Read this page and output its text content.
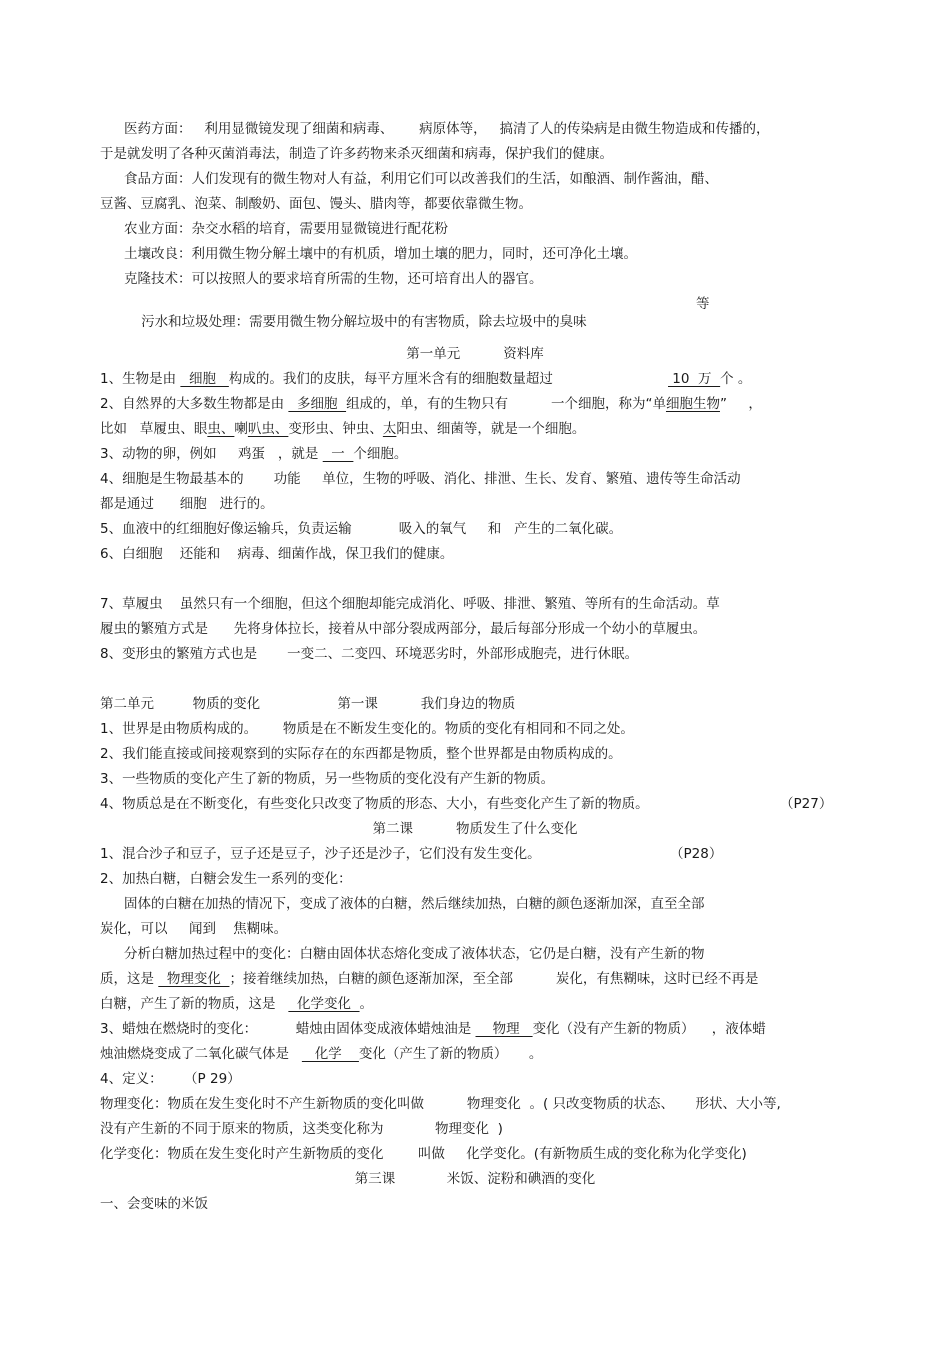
医药方面：   利用显微镜发现了细菌和病毒、      病原体等，   搞清了人的传染病是由微生物造成和传播的，
于是就发明了各种灭菌消毒法，制造了许多药物来杀灭细菌和病毒，保护我们的健康。
食品方面：人们发现有的微生物对人有益，利用它们可以改善我们的生活，如酿酒、制作酱油，醋、
豆酱、豆腐乳、泡菜、制酸奶、面包、馒头、腊肉等，都要依靠微生物。
农业方面：杂交水稻的培育，需要用显微镜进行配花粉
土壤改良：利用微生物分解土壤中的有机质，增加土壤的肥力，同时，还可净化土壤。
克隆技术：可以按照人的要求培育所需的生物，还可培育出人的器官。

污水和垃圾处理：需要用微生物分解垃圾中的有害物质，除去垃圾中的臭味

等
第一单元          资料库
1、生物是由   细胞   构成的。我们的皮肤，每平方厘米含有的细胞数量超过	10  万  个 。
2、自然界的大多数生物都是由   多细胞  组成的，单，有的生物只有          一个细胞，称为“单细胞生物”     ，
比如   草履虫、眼虫、喇叭虫、变形虫、钟虫、太阳虫、细菌等，就是一个细胞。
3、动物的卵，例如     鸡蛋   ，就是   一  个细胞。
4、细胞是生物最基本的       功能     单位，生物的呼吸、消化、排泄、生长、发育、繁殖、遗传等生命活动
都是通过      细胞   进行的。
5、血液中的红细胞好像运输兵，负责运输           吸入的氧气     和   产生的二氧化碳。
6、白细胞    还能和    病毒、细菌作战，保卫我们的健康。
7、草履虫    虽然只有一个细胞，但这个细胞却能完成消化、呼吸、排泄、繁殖、等所有的生命活动。草
履虫的繁殖方式是      先将身体拉长，接着从中部分裂成两部分，最后每部分形成一个幼小的草履虫。
8、变形虫的繁殖方式也是       一变二、二变四、环境恶劣时，外部形成胞壳，进行休眠。
第二单元         物质的变化                  第一课          我们身边的物质
1、世界是由物质构成的。      物质是在不断发生变化的。物质的变化有相同和不同之处。
2、我们能直接或间接观察到的实际存在的东西都是物质，整个世界都是由物质构成的。
3、一些物质的变化产生了新的物质，另一些物质的变化没有产生新的物质。
4、物质总是在不断变化，有些变化只改变了物质的形态、大小，有些变化产生了新的物质。	（P27）
第二课          物质发生了什么变化
1、混合沙子和豆子，豆子还是豆子，沙子还是沙子，它们没有发生变化。	（P28）
2、加热白糖，白糖会发生一系列的变化：
固体的白糖在加热的情况下，变成了液体的白糖，然后继续加热，白糖的颜色逐渐加深，直至全部
炭化，可以     闻到    焦糊味。
分析白糖加热过程中的变化：白糖由固体状态熔化变成了液体状态，它仍是白糖，没有产生新的物
质，这是   物理变化  ；接着继续加热，白糖的颜色逐渐加深，至全部          炭化，有焦糊味，这时已经不再是
白糖，产生了新的物质，这是     化学变化  。
3、蜡烛在燃烧时的变化：         蜡烛由固体变成液体蜡烛油是     物理   变化（没有产生新的物质）    ，液体蜡
烛油燃烧变成了二氧化碳气体是      化学    变化（产生了新的物质）     。
4、定义：     （P 29）
物理变化：物质在发生变化时不产生新物质的变化叫做          物理变化  。( 只改变物质的状态、     形状、大小等,
没有产生新的不同于原来的物质，这类变化称为            物理变化  )
化学变化：物质在发生变化时产生新物质的变化        叫做     化学变化。(有新物质生成的变化称为化学变化)
第三课            米饭、淀粉和碘酒的变化
一、会变味的米饭
